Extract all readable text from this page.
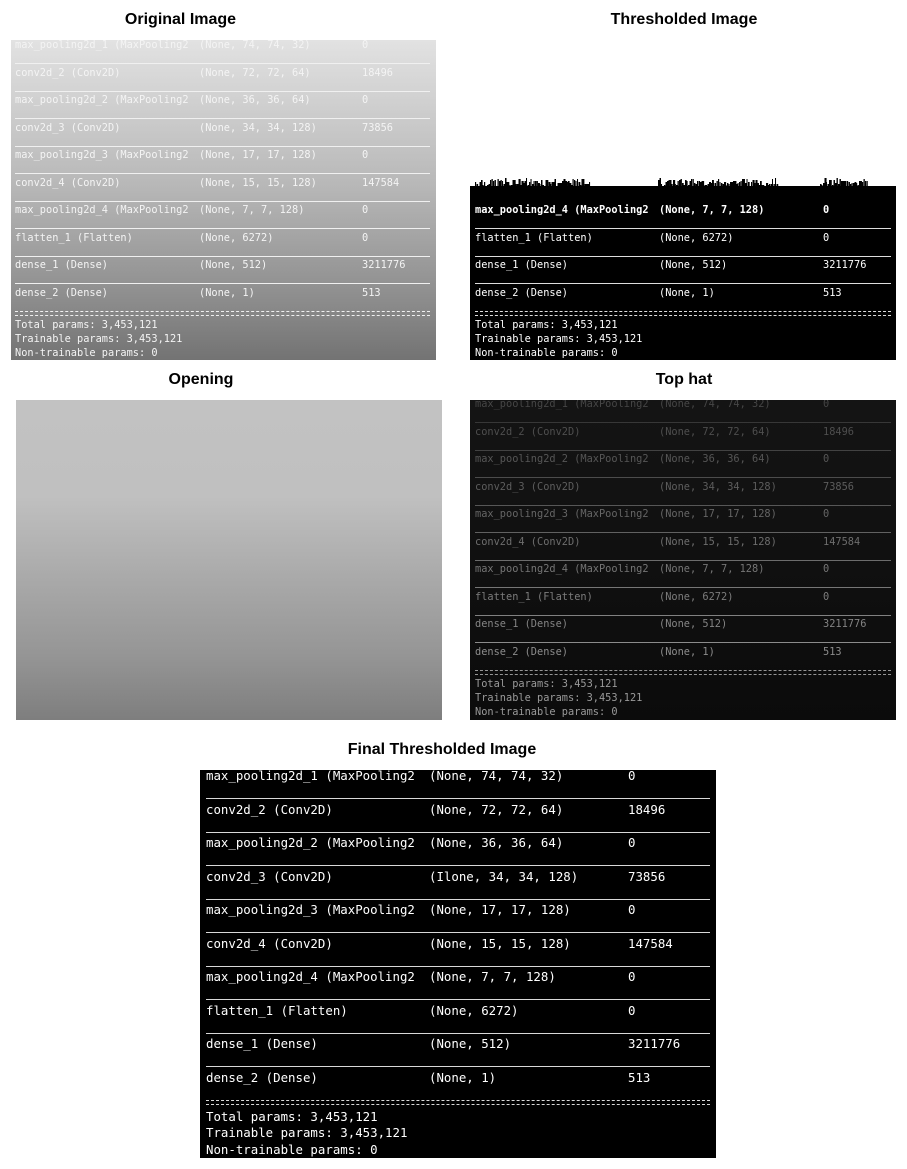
Original Image	Thresholded Image
Opening	Top hat
Final Thresholded Image
max_pooling2d_1 (MaxPooling2	(None, 74, 74, 32)	0
conv2d_2 (Conv2D)	(None, 72, 72, 64)	18496
max_pooling2d_2 (MaxPooling2	(None, 36, 36, 64)	0
conv2d_3 (Conv2D)	(None, 34, 34, 128)	73856
max_pooling2d_3 (MaxPooling2	(None, 17, 17, 128)	0
conv2d_4 (Conv2D)	(None, 15, 15, 128)	147584
max_pooling2d_4 (MaxPooling2	(None, 7, 7, 128)	0
flatten_1 (Flatten)	(None, 6272)	0
dense_1 (Dense)	(None, 512)	3211776
dense_2 (Dense)	(None, 1)	513
Total params: 3,453,121
Trainable params: 3,453,121
Non-trainable params: 0
max_pooling2d_4 (MaxPooling2	(None, 7, 7, 128)	0
flatten_1 (Flatten)	(None, 6272)	0
dense_1 (Dense)	(None, 512)	3211776
dense_2 (Dense)	(None, 1)	513
Total params: 3,453,121
Trainable params: 3,453,121
Non-trainable params: 0
max_pooling2d_1 (MaxPooling2	(None, 74, 74, 32)	0
conv2d_2 (Conv2D)	(None, 72, 72, 64)	18496
max_pooling2d_2 (MaxPooling2	(None, 36, 36, 64)	0
conv2d_3 (Conv2D)	(None, 34, 34, 128)	73856
max_pooling2d_3 (MaxPooling2	(None, 17, 17, 128)	0
conv2d_4 (Conv2D)	(None, 15, 15, 128)	147584
max_pooling2d_4 (MaxPooling2	(None, 7, 7, 128)	0
flatten_1 (Flatten)	(None, 6272)	0
dense_1 (Dense)	(None, 512)	3211776
dense_2 (Dense)	(None, 1)	513
Total params: 3,453,121
Trainable params: 3,453,121
Non-trainable params: 0
max_pooling2d_1 (MaxPooling2	(None, 74, 74, 32)	0
conv2d_2 (Conv2D)	(None, 72, 72, 64)	18496
max_pooling2d_2 (ΜaxPooling2	(Nonе, 36, 36, 64)	0
conv2d_3 (Conv2D)	(Ilone, 34, 34, 128)	73856
max_pooling2d_3 (MaxPooling2	(None, 17, 17, 128)	0
conv2d_4 (Conv2D)	(None, 15, 15, 128)	147584
max_pooling2d_4 (MaxPooling2	(None, 7, 7, 128)	0
flatten_1 (Flatten)	(None, 6272)	0
dense_1 (Dense)	(None, 512)	3211776
dense_2 (Dense)	(None, 1)	513
Total params: 3,453,121
Trainable params: 3,453,121
Non-trainable params: 0
